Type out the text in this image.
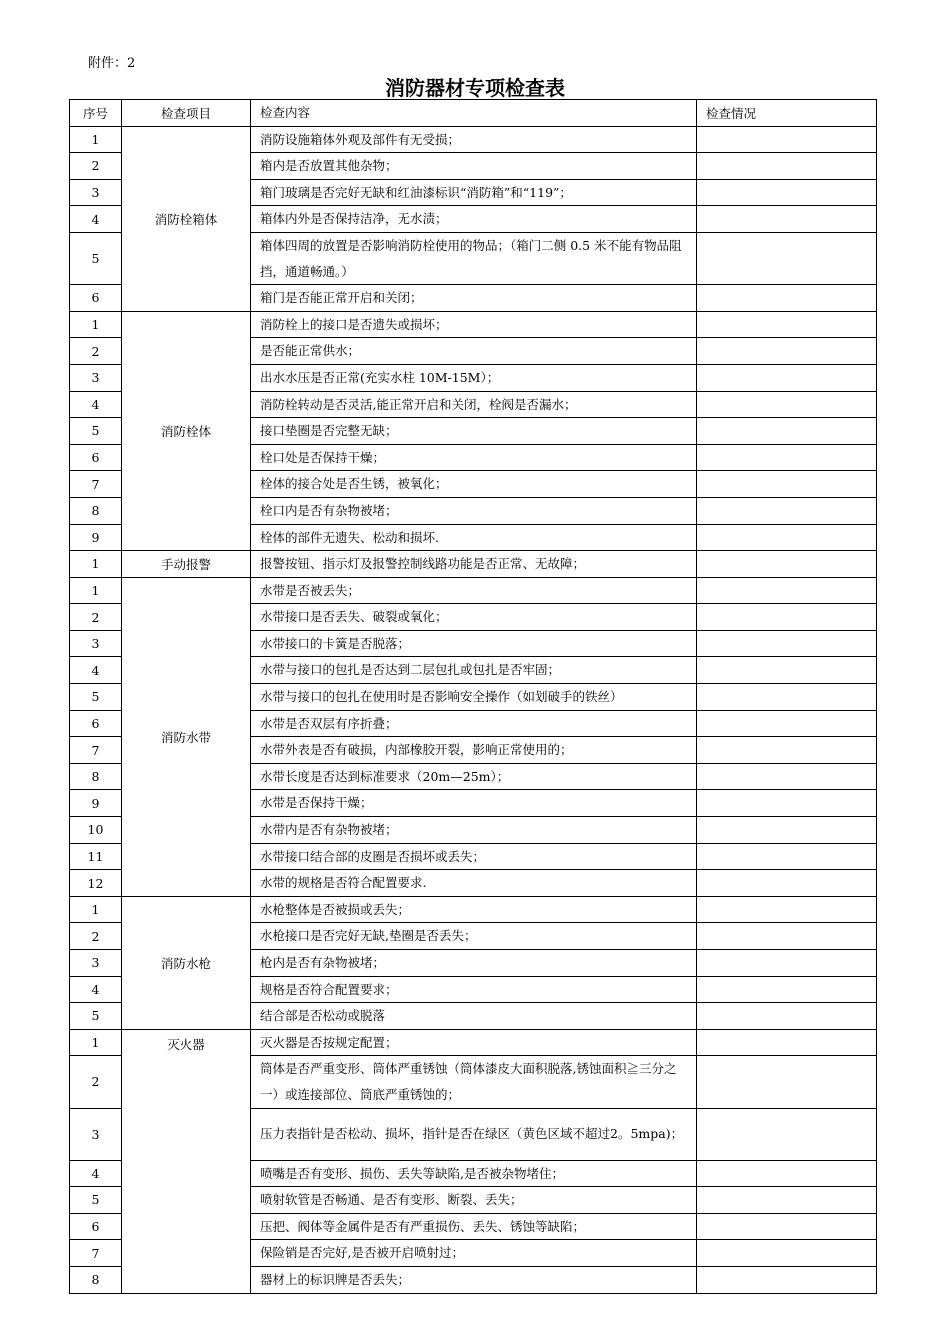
附件：2
消防器材专项检查表
序号	检查项目	检查内容	检查情况
1	消防栓箱体	消防设施箱体外观及部件有无受损；	
2		箱内是否放置其他杂物；	
3		箱门玻璃是否完好无缺和红油漆标识“消防箱”和“119”；	
4		箱体内外是否保持洁净，无水渍；	
5		箱体四周的放置是否影响消防栓使用的物品；（箱门二侧 0.5 米不能有物品阻挡，通道畅通。）	
6		箱门是否能正常开启和关闭；	
1	消防栓体	消防栓上的接口是否遗失或损坏；	
2		是否能正常供水；	
3		出水水压是否正常(充实水柱 10M-15M）；	
4		消防栓转动是否灵活,能正常开启和关闭，栓阀是否漏水；	
5		接口垫圈是否完整无缺；	
6		栓口处是否保持干燥；	
7		栓体的接合处是否生锈，被氧化；	
8		栓口内是否有杂物被堵；	
9		栓体的部件无遗失、松动和损坏.	
1	手动报警	报警按钮、指示灯及报警控制线路功能是否正常、无故障；	
1	消防水带	水带是否被丢失；	
2		水带接口是否丢失、破裂或氧化；	
3		水带接口的卡簧是否脱落；	
4		水带与接口的包扎是否达到二层包扎或包扎是否牢固；	
5		水带与接口的包扎在使用时是否影响安全操作（如划破手的铁丝）	
6		水带是否双层有序折叠；	
7		水带外表是否有破损，内部橡胶开裂，影响正常使用的；	
8		水带长度是否达到标准要求（20m—25m）；	
9		水带是否保持干燥；	
10		水带内是否有杂物被堵；	
11		水带接口结合部的皮圈是否损坏或丢失；	
12		水带的规格是否符合配置要求.	
1	消防水枪	水枪整体是否被损或丢失；	
2		水枪接口是否完好无缺,垫圈是否丢失；	
3		枪内是否有杂物被堵；	
4		规格是否符合配置要求；	
5		结合部是否松动或脱落	
1	灭火器	灭火器是否按规定配置；	
2		筒体是否严重变形、筒体严重锈蚀（筒体漆皮大面积脱落,锈蚀面积≧三分之一）或连接部位、筒底严重锈蚀的；	
3		压力表指针是否松动、损坏，指针是否在绿区（黄色区域不超过2。5mpa)；	
4		喷嘴是否有变形、损伤、丢失等缺陷,是否被杂物堵住；	
5		喷射软管是否畅通、是否有变形、断裂、丢失；	
6		压把、阀体等金属件是否有严重损伤、丢失、锈蚀等缺陷；	
7		保险销是否完好,是否被开启喷射过；	
8		器材上的标识牌是否丢失；	
